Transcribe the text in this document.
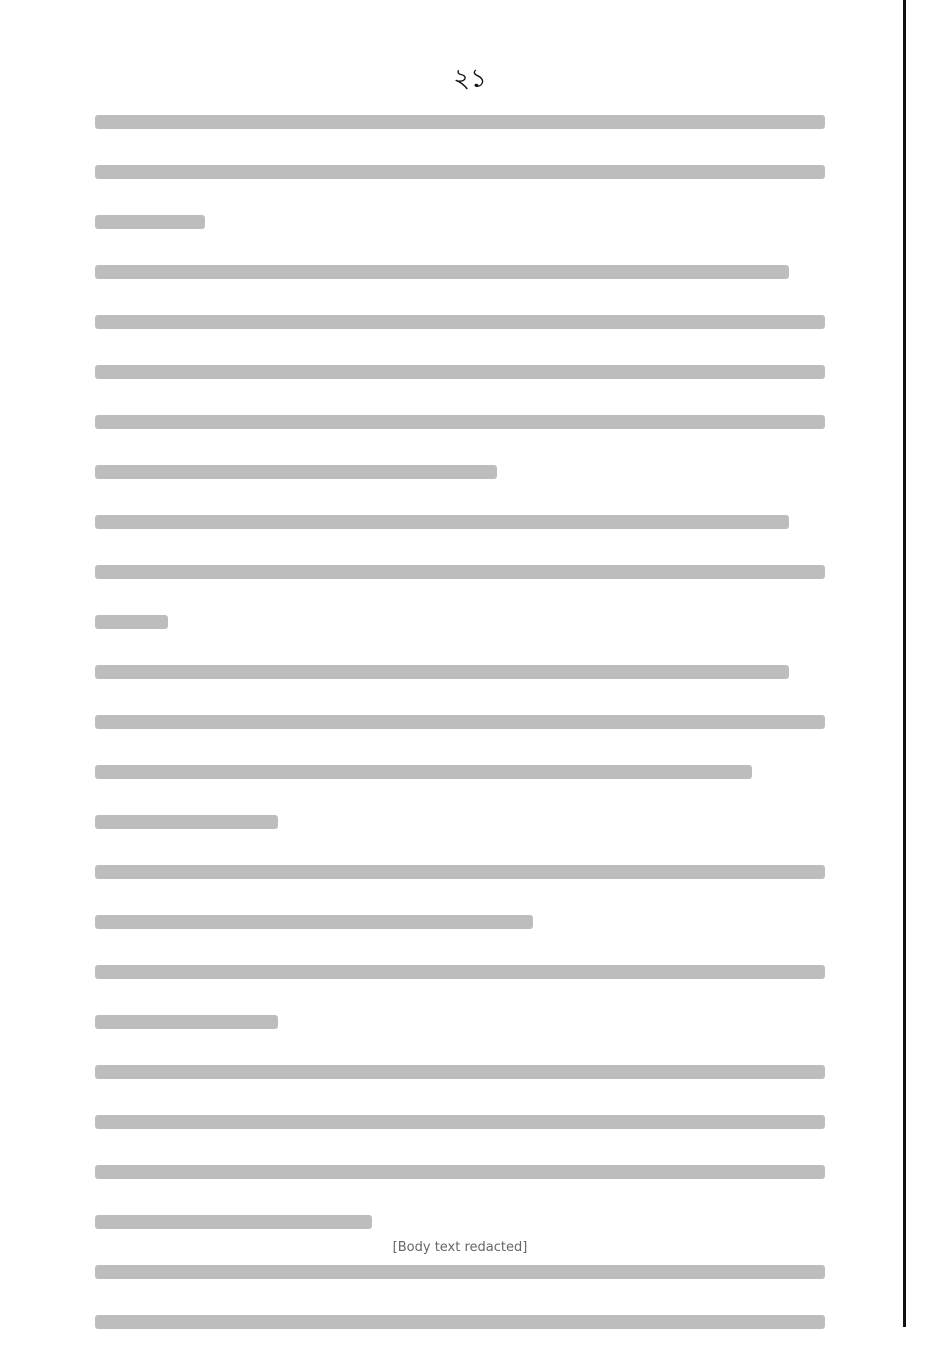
২১
[Body text redacted]
